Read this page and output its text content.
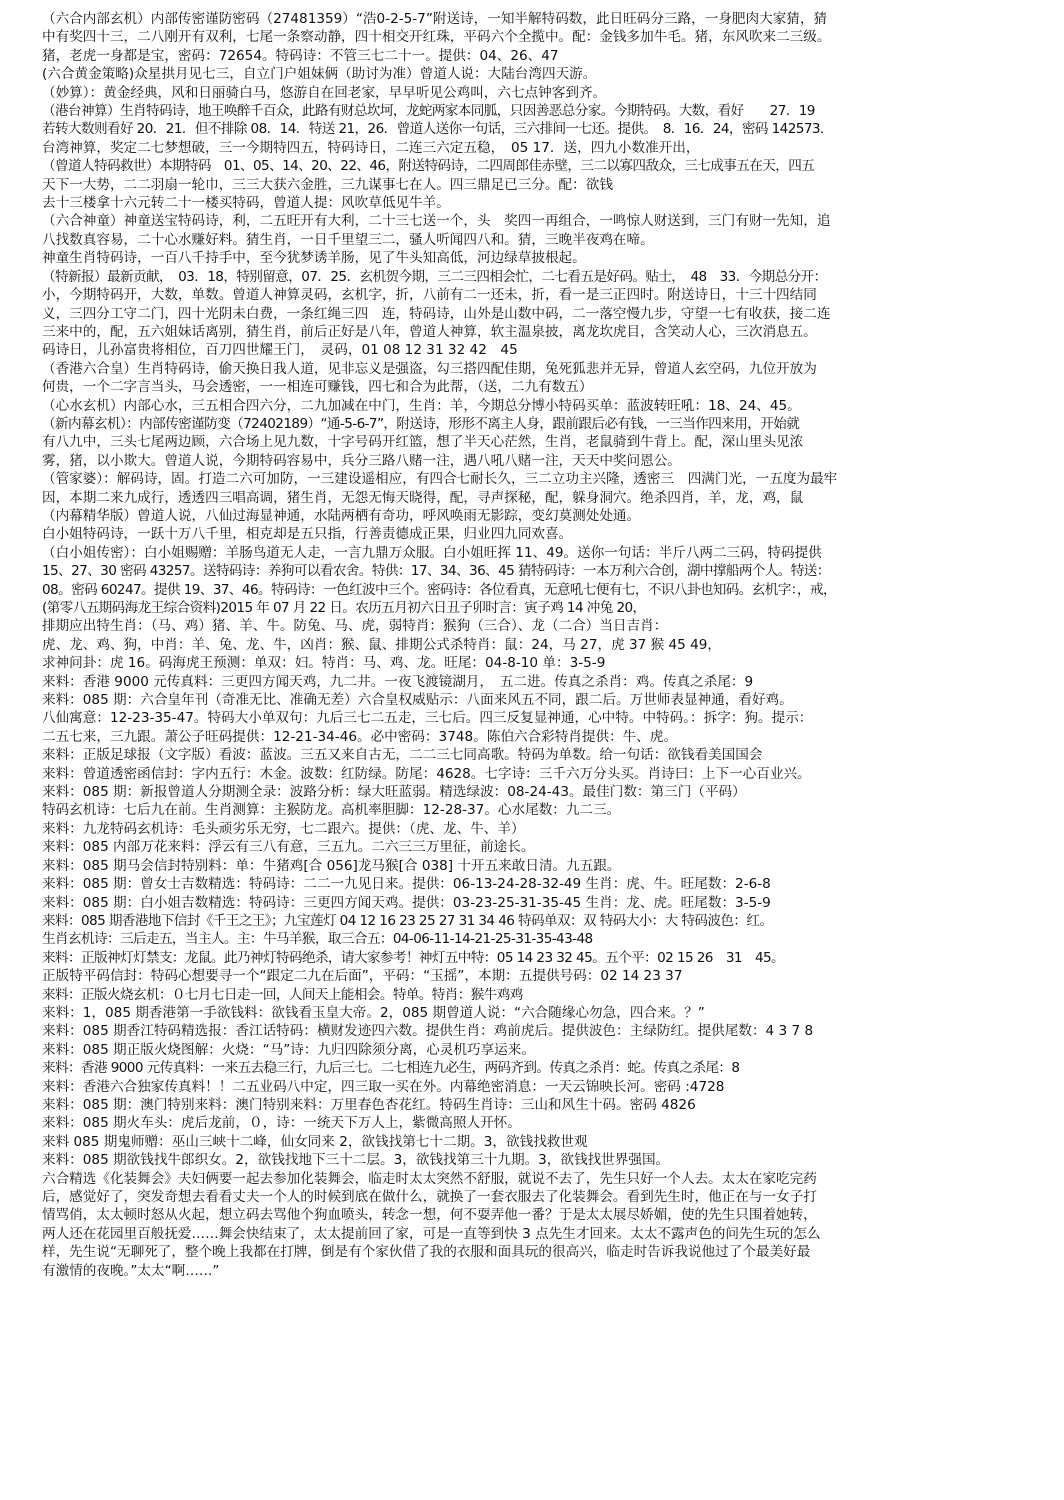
（六合内部玄机）内部传密谨防密码（27481359）“浩0-2-5-7”附送诗，一知半解特码数，此日旺码分三路，一身肥肉大家猜，猜
中有奖四十三，二八刚开有双利，七尾一条察动静，四十相交开红珠，平码六个全揽中。配：金钱多加牛毛。猪，东风吹来二三级。
猪，老虎一身都是宝，密码：72654。特码诗：不管三七二十一。提供：04、26、47
(六合黄金策略)众星拱月见七三，自立门户姐妹俩（助讨为准）曾道人说：大陆台湾四天游。
（妙算）：黄金经典，风和日丽骑白马，悠游自在回老家，早早听见公鸡叫，六七点钟客到齐。
（港台神算）生肖特码诗，地王唤醉千百众，此路有财总坎坷，龙蛇两家本同胍，只因善恶总分家。今期特码。大数，看好　　27．19
若转大数则看好 20．21．但不排除 08．14．特送 21，26．曾道人送你一句话，三六排间一七还。提供。　8．16．24，密码 142573．
台湾神算，奖定二七梦想破，三一今期特四五，特码诗日，二连三六定五稳，　05 17．送，四九小数准开出，
（曾道人特码救世）本期特码　01、05、14、20、22、46，附送特码诗，二四周郎佳赤壁，三二以寡四敌众，三七成事五在天，四五
天下一大势，二二羽扇一轮巾，三三大获六金胜，三九谋事七在人。四三鼎足已三分。配：欲钱
去十三楼拿十六元转二十一楼买特码，曾道人提：风吹草低见牛羊。
（六合神童）神童送宝特码诗，利，二五旺开有大利，二十三七送一个，头　奖四一再组合，一鸣惊人财送到，三门有财一先知，追
八找数真容易，二十心水赚好料。猜生肖，一日千里望三二，骚人听闻四八和。猜，三晚半夜鸡在啼。
神童生肖特码诗，一百八千持手中，至今犹梦诱羊肠，见了牛头知高低，河边绿草披根起。
（特新报）最新贡献，　03．18，特别留意，07．25．玄机贺今期，三二三四相会忙，二七看五是好码。贴士，　48　33．今期总分开：
小，今期特码开，大数，单数。曾道人神算灵码，玄机字，折，八前有二一还未，折，看一是三正四时。附送诗日，十三十四结同
义，三四分工守二门，四十光阴未白费，一条红绳三四　连，特码诗，山外是山数中码，二一落空慢九步，守望一七有收获，接二连
三来中的，配，五六姐妹话离别，猜生肖，前后正好是八年，曾道人神算，软主温泉披，离龙坎虎目，含笑动人心，三次消息五。
码诗日，儿孙富贵将相位，百刀四世耀王门，　灵码，01 08 12 31 32 42　45
（香港六合皇）生肖特码诗，偷天换日我人道，见非忘义是强盗，勾三搭四配佳期，兔死狐悲并无异，曾道人玄空码，九位开放为
何贵，一个二字言当头，马会透密，一一相连可赚钱，四七和合为此帮，（送，二九有数五）
（心水玄机）内部心水，三五相合四六分，二九加减在中门，生肖：羊，今期总分博小特码买单：蓝波转旺吼：18、24、45。
（新内幕玄机）：内部传密谨防变（72402189）“通-5-6-7”，附送诗，形形不离主人身，跟前跟后必有钱，一三当作四来用，开始就
有八九中，三头七尾两边顾，六合场上见九数，十字号码开红篮，想了半天心茫然，生肖，老鼠骑到牛背上。配，深山里头见浓
雾，猪，以小欺大。曾道人说，今期特码容易中，兵分三路八赌一注，遇八吼八赌一注，天天中奖问恩公。
（管家婆）：解码诗，固。打造二六可加防，一三建设遥相应，有四合七耐长久，三二立功主兴隆，透密三　四满门光，一五度为最牢
因，本期二来九成行，透透四三唱高调，猪生肖，无怨无悔天晓得，配，寻声探秘，配，躲身洞穴。绝杀四肖，羊，龙，鸡，鼠
（内幕精华版）曾道人说，八仙过海显神通，水陆两栖有奇功，呼风唤雨无影踪，变幻莫测处处通。
白小姐特码诗，一跃十万八千里，相克却是五只指，行善责德成正果，归业四九同欢喜。
（白小姐传密）：白小姐赐赠：羊肠鸟道无人走，一言九鼎万众服。白小姐旺挥 11、49。送你一句话：半斤八两二三码，特码提供
15、27、30 密码 43257。送特码诗：养狗可以看农舍。特供：17、34、36、45 猜特码诗：一本万利六合创，湖中撑船两个人。特送：
08。密码 60247。提供 19、37、46。特码诗：一色红波中三个。密码诗：各位看真，无意吼七便有七，不识八卦也知码。玄机字：，戒，
(第零八五期码海龙王综合资料)2015 年 07 月 22 日。农历五月初六日丑子卯时言：寅子鸡 14 冲兔 20，
排期应出特生肖：（马、鸡）猪、羊、牛。防兔、马、虎，弱特肖：猴狗（三合）、龙（二合）当日吉肖：
虎、龙、鸡、狗，中肖：羊、兔、龙、牛，凶肖：猴、鼠、排期公式杀特肖：鼠：24，马 27，虎 37 猴 45 49，
求神问卦：虎 16。码海虎王预测：单双：妇。特肖：马、鸡、龙。旺尾：04-8-10 单：3-5-9
来料：香港 9000 元传真料：三更四方闻天鸡，九二井。一夜飞渡镜湖月，　五二进。传真之杀肖：鸡。传真之杀尾：9
来料：085 期：六合皇年刊（奇准无比、准确无差）六合皇权威贴示：八面来风五不同，跟二后。万世师表显神通，看好鸡。
八仙寓意：12-23-35-47。特码大小单双句：九后三七二五走，三七后。四三反复显神通，心中特。中特码。：拆字：狗。提示：
二五七来，三九跟。萧公子旺码提供：12-21-34-46。必中密码：3748。陈伯六合彩特肖提供：牛、虎。
来料：正版足球报（文字版）看波：蓝波。三五又来自古无，二二三七同高歌。特码为单数。给一句话：欲钱看美国国会
来料：曾道透密函信封：字内五行：木金。波数：红防绿。防尾：4628。七字诗：三千六万分头买。肖诗曰：上下一心百业兴。
来料：085 期：新报曾道人分期测全录：波路分析：绿大旺蓝弱。精选绿波：08-24-43。最佳门数：第三门（平码）
特码玄机诗：七后九在前。生肖测算：主猴防龙。高机率胆脚：12-28-37。心水尾数：九二三。
来料：九龙特码玄机诗：毛头顽劣乐无穷，七二跟六。提供：（虎、龙、牛、羊）
来料：085 内部万花来料：浮云有三八有意，三五九。二六三三万里征，前途长。
来料：085 期马会信封特别料：单：牛猪鸡[合 056]龙马猴[合 038] 十开五来敢日清。九五跟。
来料：085 期：曾女士吉数精选：特码诗：二二一九见日来。提供：06-13-24-28-32-49 生肖：虎、牛。旺尾数：2-6-8
来料：085 期：白小姐吉数精选：特码诗：三更四方闻天鸡。提供：03-23-25-31-35-45 生肖：龙、虎。旺尾数：3-5-9
来料：085 期香港地下信封《千王之王》；九宝莲灯 04 12 16 23 25 27 31 34 46 特码单双：双 特码大小：大 特码波色：红。
生肖玄机诗：三后走五，当主人。主：牛马羊猴，取三合五：04-06-11-14-21-25-31-35-43-48
来料：正版神灯灯禁支：龙鼠。此乃神灯特码绝杀，请大家参考！神灯五中特：05 14 23 32 45。五个平：02 15 26　31　45。
正版特平码信封：特码心想要寻一个“跟定二九在后面”，平码：“玉摇”，本期：五提供号码：02 14 23 37
来料：正版火烧玄机：０七月七日走一回，人间天上能相会。特单。特肖：猴牛鸡鸡
来料：1，085 期香港第一手欲钱料：欲钱看玉皇大帝。2，085 期曾道人说：“六合随缘心勿急，四合来。？”
来料：085 期香江特码精选报：香江话特码：横财发迹四六数。提供生肖：鸡前虎后。提供波色：主绿防红。提供尾数：4 3 7 8
来料：085 期正版火烧图解：火烧：“马”诗：九归四除须分离，心灵机巧享运来。
来料：香港 9000 元传真料：一来五去稳三行，九后三七。二七相连九必生，两码齐到。传真之杀肖：蛇。传真之杀尾：8
来料：香港六合独家传真料！！二五业码八中定，四三取一买在外。内幕绝密消息：一天云锦映长河。密码 :4728
来料：085 期：澳门特别来料：澳门特别来料：万里春色杏花红。特码生肖诗：三山和风生十码。密码 4826
来料：085 期火车头：虎后龙前，０，诗：一统天下万人上，紫微高照人开怀。
来料 085 期鬼师赠：巫山三峡十二峰，仙女同来 2，欲钱找第七十二期。3，欲钱找救世观
来料：085 期欲钱找牛郎织女。2，欲钱找地下三十二层。3，欲钱找第三十九期。3，欲钱找世界强国。
六合精选《化装舞会》夫妇俩要一起去参加化装舞会，临走时太太突然不舒服，就说不去了，先生只好一个人去。太太在家吃完药
后，感觉好了，突发奇想去看看丈夫一个人的时候到底在做什么，就换了一套衣服去了化装舞会。看到先生时，他正在与一女子打
情骂俏，太太顿时怒从火起，想立码去骂他个狗血喷头，转念一想，何不耍弄他一番？于是太太展尽娇媚，使的先生只围着她转，
两人还在花园里百般抚爱……舞会快结束了，太太提前回了家，可是一直等到快 3 点先生才回来。太太不露声色的问先生玩的怎么
样，先生说“无聊死了，整个晚上我都在打牌，倒是有个家伙借了我的衣服和面具玩的很高兴，临走时告诉我说他过了个最美好最
有激情的夜晚。”太太“啊……”
